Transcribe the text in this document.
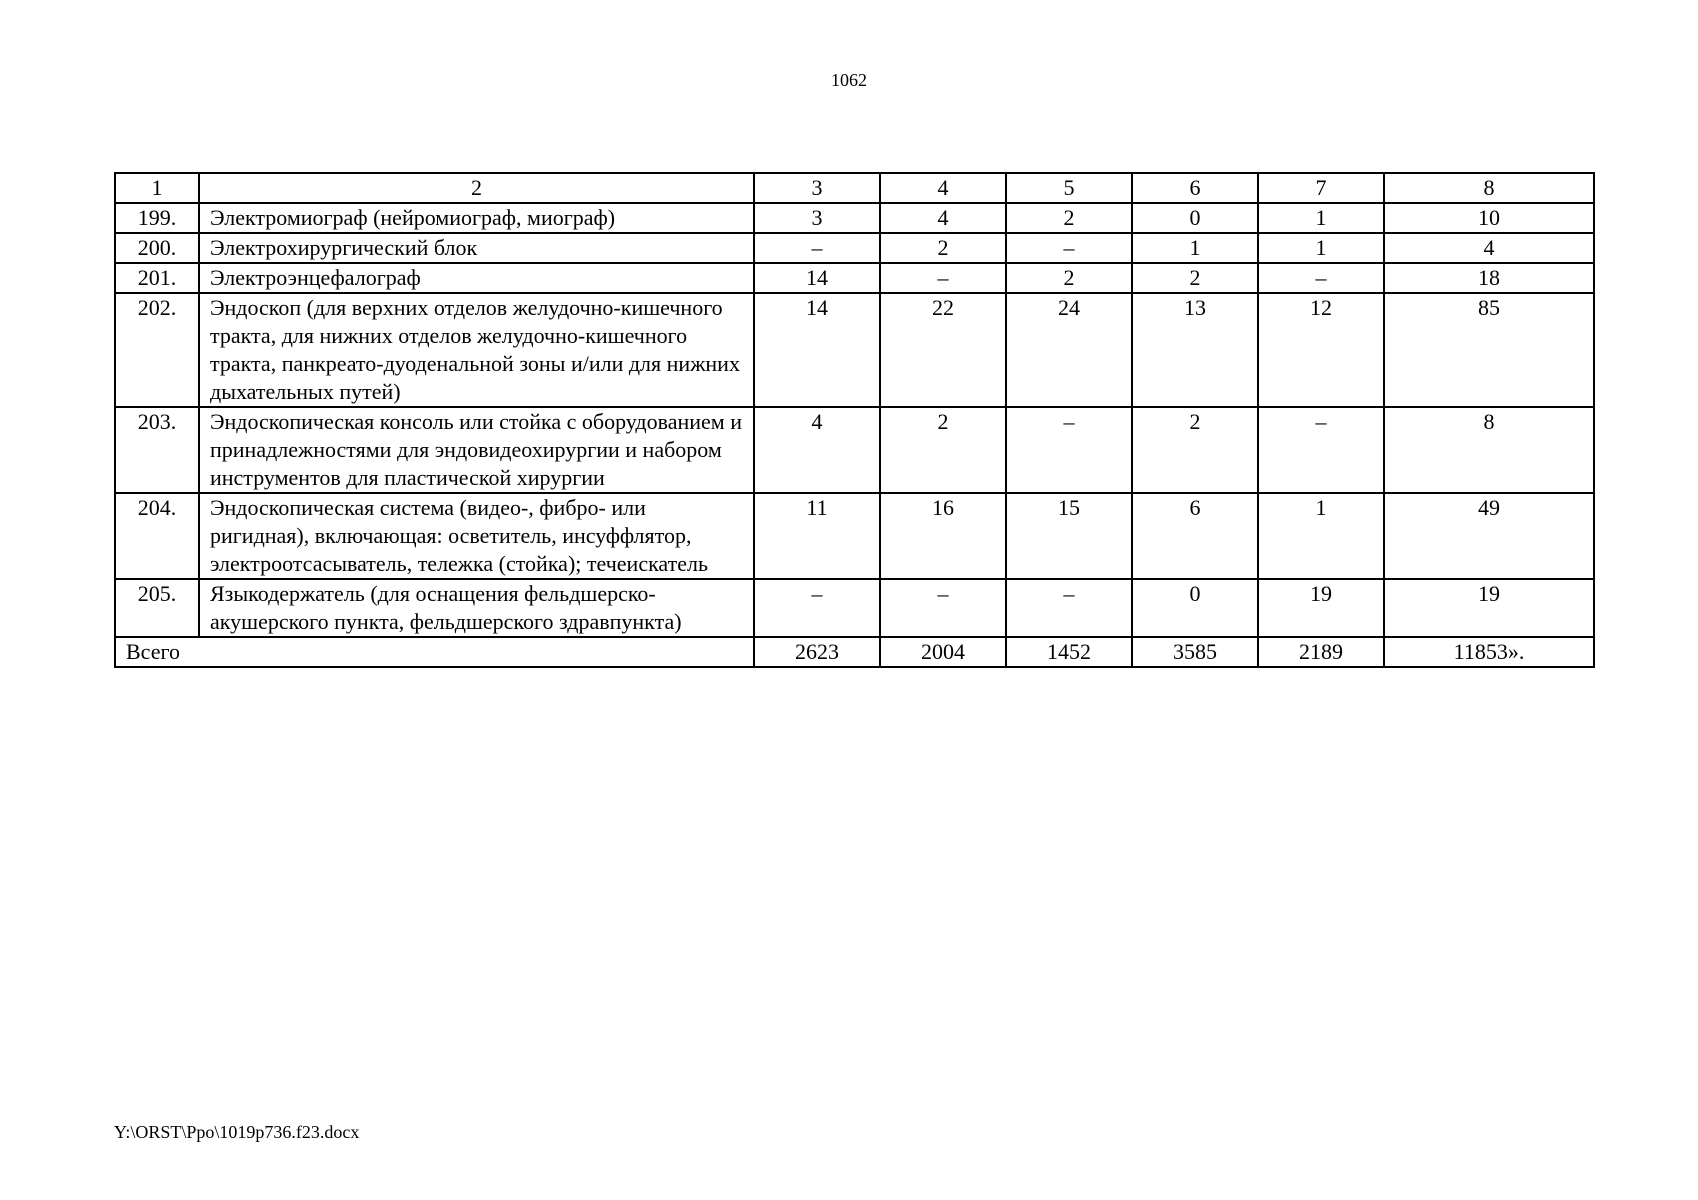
1062
1	2	3	4	5	6	7	8
199.	Электромиограф (нейромиограф, миограф)	3	4	2	0	1	10
200.	Электрохирургический блок	–	2	–	1	1	4
201.	Электроэнцефалограф	14	–	2	2	–	18
202.	Эндоскоп (для верхних отделов желудочно-кишечного тракта, для нижних отделов желудочно-кишечного тракта, панкреато-дуоденальной зоны и/или для нижних дыхательных путей)	14	22	24	13	12	85
203.	Эндоскопическая консоль или стойка с оборудованием и принадлежностями для эндовидеохирургии и набором инструментов для пластической хирургии	4	2	–	2	–	8
204.	Эндоскопическая система (видео-, фибро- или ригидная), включающая: осветитель, инсуффлятор, электроотсасыватель, тележка (стойка); течеискатель	11	16	15	6	1	49
205.	Языкодержатель (для оснащения фельдшерско-акушерского пункта, фельдшерского здравпункта)	–	–	–	0	19	19
Всего		2623	2004	1452	3585	2189	11853».
Y:\ORST\Ppo\1019p736.f23.docx
